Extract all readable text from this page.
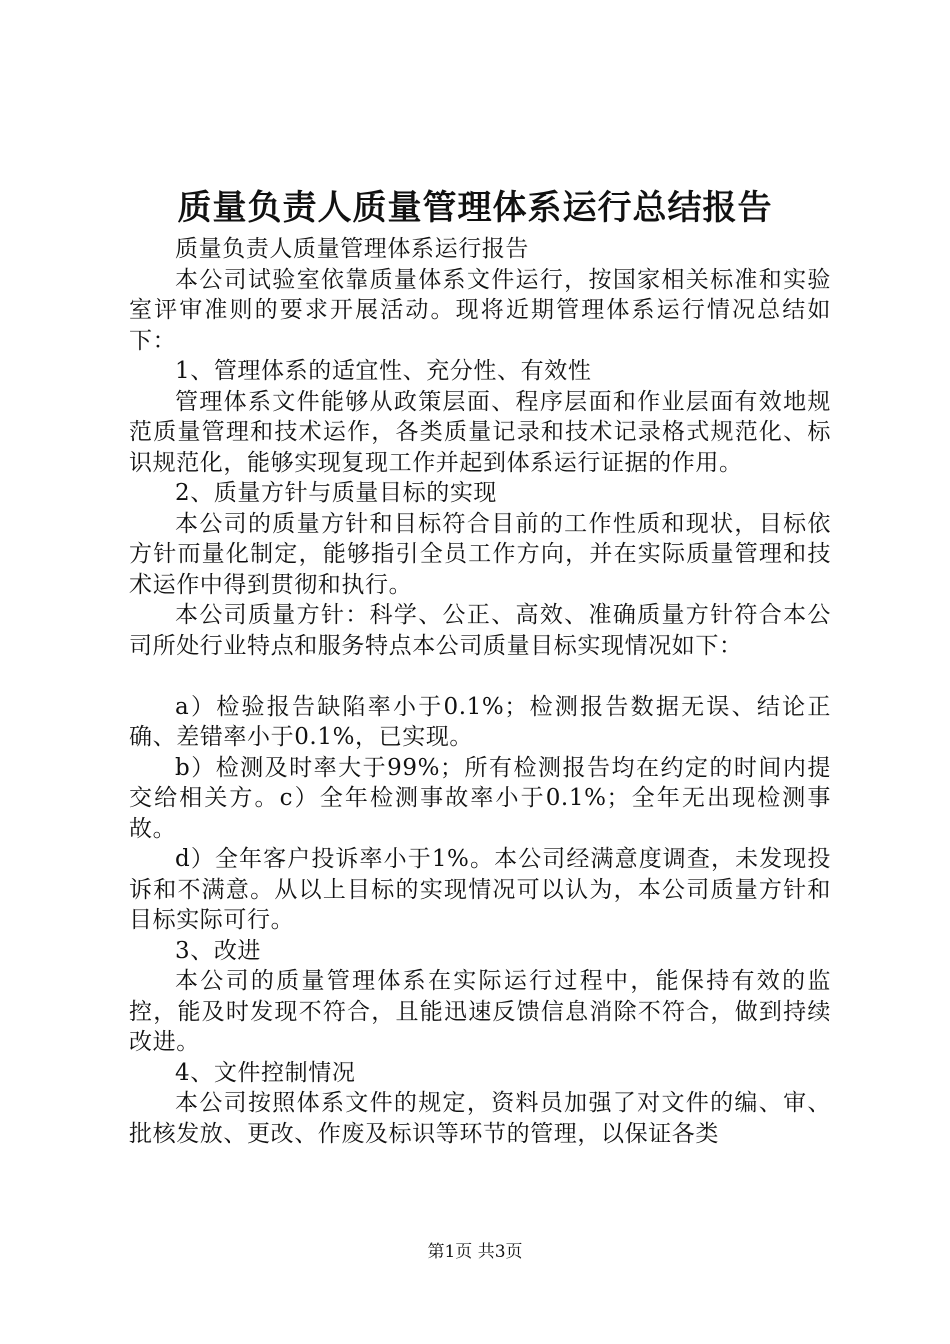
质量负责人质量管理体系运行总结报告

质量负责人质量管理体系运行报告

本公司试验室依靠质量体系文件运行，按国家相关标准和实验室评审准则的要求开展活动。现将近期管理体系运行情况总结如下：

1、管理体系的适宜性、充分性、有效性

管理体系文件能够从政策层面、程序层面和作业层面有效地规范质量管理和技术运作，各类质量记录和技术记录格式规范化、标识规范化，能够实现复现工作并起到体系运行证据的作用。

2、质量方针与质量目标的实现

本公司的质量方针和目标符合目前的工作性质和现状，目标依方针而量化制定，能够指引全员工作方向，并在实际质量管理和技术运作中得到贯彻和执行。

本公司质量方针：科学、公正、高效、准确质量方针符合本公司所处行业特点和服务特点本公司质量目标实现情况如下：

a）检验报告缺陷率小于0.1%；检测报告数据无误、结论正确、差错率小于0.1%，已实现。

b）检测及时率大于99%；所有检测报告均在约定的时间内提交给相关方。c）全年检测事故率小于0.1%；全年无出现检测事故。

d）全年客户投诉率小于1%。本公司经满意度调查，未发现投诉和不满意。从以上目标的实现情况可以认为，本公司质量方针和目标实际可行。

3、改进

本公司的质量管理体系在实际运行过程中，能保持有效的监控，能及时发现不符合，且能迅速反馈信息消除不符合，做到持续改进。

4、文件控制情况

本公司按照体系文件的规定，资料员加强了对文件的编、审、批核发放、更改、作废及标识等环节的管理，以保证各类

第1页 共3页
